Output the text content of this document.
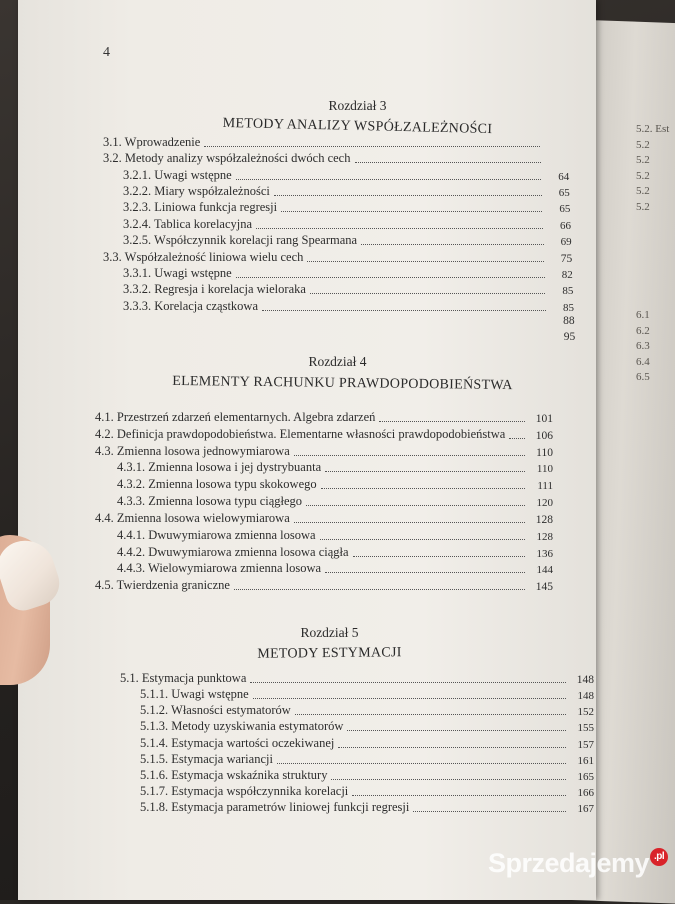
5.2. Est
5.2
5.2
5.2
5.2
5.2
6.1
6.2
6.3
6.4
6.5
4
Rozdział 3
METODY ANALIZY WSPÓŁZALEŻNOŚCI
3.1. Wprowadzenie
3.2. Metody analizy współzależności dwóch cech
3.2.1. Uwagi wstępne	64
3.2.2. Miary współzależności	65
3.2.3. Liniowa funkcja regresji	65
3.2.4. Tablica korelacyjna	66
3.2.5. Współczynnik korelacji rang Spearmana	69
3.3. Współzależność liniowa wielu cech	75
3.3.1. Uwagi wstępne	82
3.3.2. Regresja i korelacja wieloraka	85
3.3.3. Korelacja cząstkowa	85
88
95
Rozdział 4
ELEMENTY RACHUNKU PRAWDOPODOBIEŃSTWA
4.1. Przestrzeń zdarzeń elementarnych. Algebra zdarzeń	101
4.2. Definicja prawdopodobieństwa. Elementarne własności prawdopodobieństwa	106
4.3. Zmienna losowa jednowymiarowa	110
4.3.1. Zmienna losowa i jej dystrybuanta	110
4.3.2. Zmienna losowa typu skokowego	111
4.3.3. Zmienna losowa typu ciągłego	120
4.4. Zmienna losowa wielowymiarowa	128
4.4.1. Dwuwymiarowa zmienna losowa	128
4.4.2. Dwuwymiarowa zmienna losowa ciągła	136
4.4.3. Wielowymiarowa zmienna losowa	144
4.5. Twierdzenia graniczne	145
Rozdział 5
METODY ESTYMACJI
5.1. Estymacja punktowa	148
5.1.1. Uwagi wstępne	148
5.1.2. Własności estymatorów	152
5.1.3. Metody uzyskiwania estymatorów	155
5.1.4. Estymacja wartości oczekiwanej	157
5.1.5. Estymacja wariancji	161
5.1.6. Estymacja wskaźnika struktury	165
5.1.7. Estymacja współczynnika korelacji	166
5.1.8. Estymacja parametrów liniowej funkcji regresji	167
Sprzedajemy .pl
